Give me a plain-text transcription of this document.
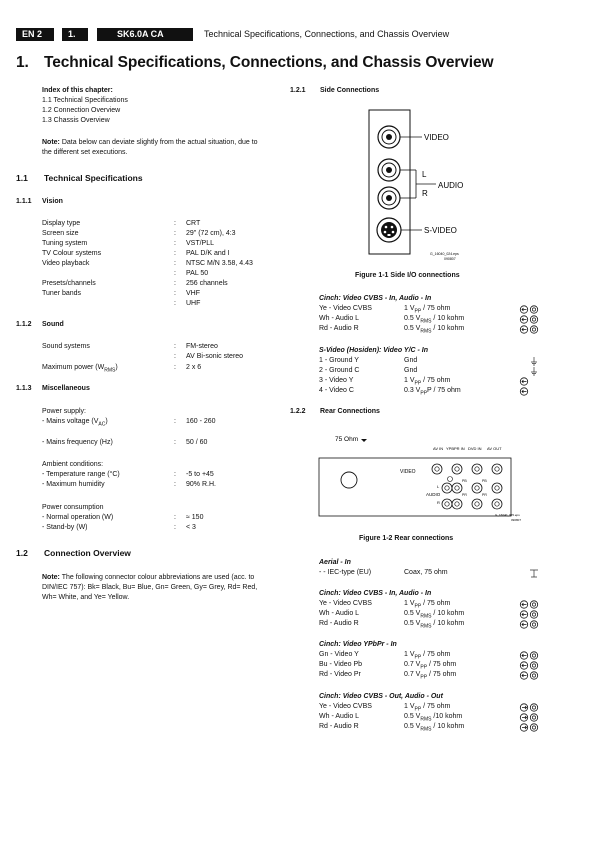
EN 2	1.	SK6.0A CA	Technical Specifications, Connections, and Chassis Overview
1. Technical Specifications, Connections, and Chassis Overview
Index of this chapter:
1.1 Technical Specifications
1.2 Connection Overview
1.3 Chassis Overview
Note: Data below can deviate slightly from the actual situation, due to the different set executions.
1.1 Technical Specifications
1.1.1 Vision
Display type	: CRT
Screen size	: 29" (72 cm), 4:3
Tuning system	: VST/PLL
TV Colour systems	: PAL D/K and I
Video playback	: NTSC M/N 3.58, 4.43
: PAL 50
Presets/channels	: 256 channels
Tuner bands	: VHF
: UHF
1.1.2 Sound
Sound systems	: FM-stereo
: AV Bi-sonic stereo
Maximum power $(W_{RMS})$	: 2 x 6
1.1.3 Miscellaneous
Power supply:
- Mains voltage $(V_{AC})$	: 160 - 260
- Mains frequency (Hz)	: 50 / 60
Ambient conditions:
- Temperature range (°C)	: -5 to +45
- Maximum humidity	: 90% R.H.
Power consumption
- Normal operation (W)	: ≈ 150
- Stand-by (W)	: < 3
1.2 Connection Overview
Note: The following connector colour abbreviations are used (acc. to DIN/IEC 757): Bk= Black, Bu= Blue, Gn= Green, Gy= Grey, Rd= Red, Wh= White, and Ye= Yellow.
1.2.1 Side Connections
VIDEO
L
AUDIO
R
S-VIDEO
G_16040_024.eps
090807
Figure 1-1 Side I/O connections
Cinch: Video CVBS - In, Audio - In
Ye - Video CVBS	1 $V_{PP} / 75$ ohm
Wh - Audio L	0.5 $V_{RMS} / 10$ kohm
Rd - Audio R	0.5 $V_{RMS} / 10$ kohm
S-Video (Hosiden): Video Y/C - In
1 - Ground Y	Gnd
2 - Ground C	Gnd
3 - Video Y	1 $V_{PP} / 75$ ohm
4 - Video C	0.3 $V_{PP}P / 75$ ohm
1.2.2 Rear Connections
75 Ohm
AV IN YPBPR IN DVD IN AV OUT
VIDEO
L
AUDIO
R
PB	PB
PR	PR
G_16040_025.eps
090807
Figure 1-2 Rear connections
Aerial - In
- - IEC-type (EU)	Coax, 75 ohm
Cinch: Video CVBS - In, Audio - In
Ye - Video CVBS	1 $V_{PP} / 75$ ohm
Wh - Audio L	0.5 $V_{RMS} / 10$ kohm
Rd - Audio R	0.5 $V_{RMS} / 10$ kohm
Cinch: Video YPbPr - In
Gn - Video Y	1 $V_{PP} / 75$ ohm
Bu - Video Pb	0.7 $V_{PP} / 75$ ohm
Rd - Video Pr	0.7 $V_{PP} / 75$ ohm
Cinch: Video CVBS - Out, Audio - Out
Ye - Video CVBS	1 $V_{PP} / 75$ ohm
Wh - Audio L	0.5 $V_{RMS}$ /10 kohm
Rd - Audio R	0.5 $V_{RMS} / 10$ kohm
